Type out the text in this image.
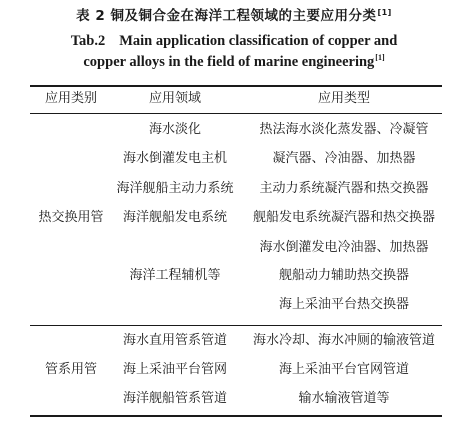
表 2 铜及铜合金在海洋工程领域的主要应用分类[1]
Tab.2 Main application classification of copper and
copper alloys in the field of marine engineering[1]
应用类别	应用领域	应用类型
热交换用管
海水淡化
海水倒灌发电主机
海洋舰船主动力系统
海洋舰船发电系统
海洋工程辅机等
热法海水淡化蒸发器、冷凝管
凝汽器、冷油器、加热器
主动力系统凝汽器和热交换器
舰船发电系统凝汽器和热交换器
海水倒灌发电冷油器、加热器
舰船动力辅助热交换器
海上采油平台热交换器
管系用管
海水直用管系管道
海上采油平台管网
海洋舰船管系管道
海水冷却、海水冲厕的输液管道
海上采油平台官网管道
输水输液管道等
